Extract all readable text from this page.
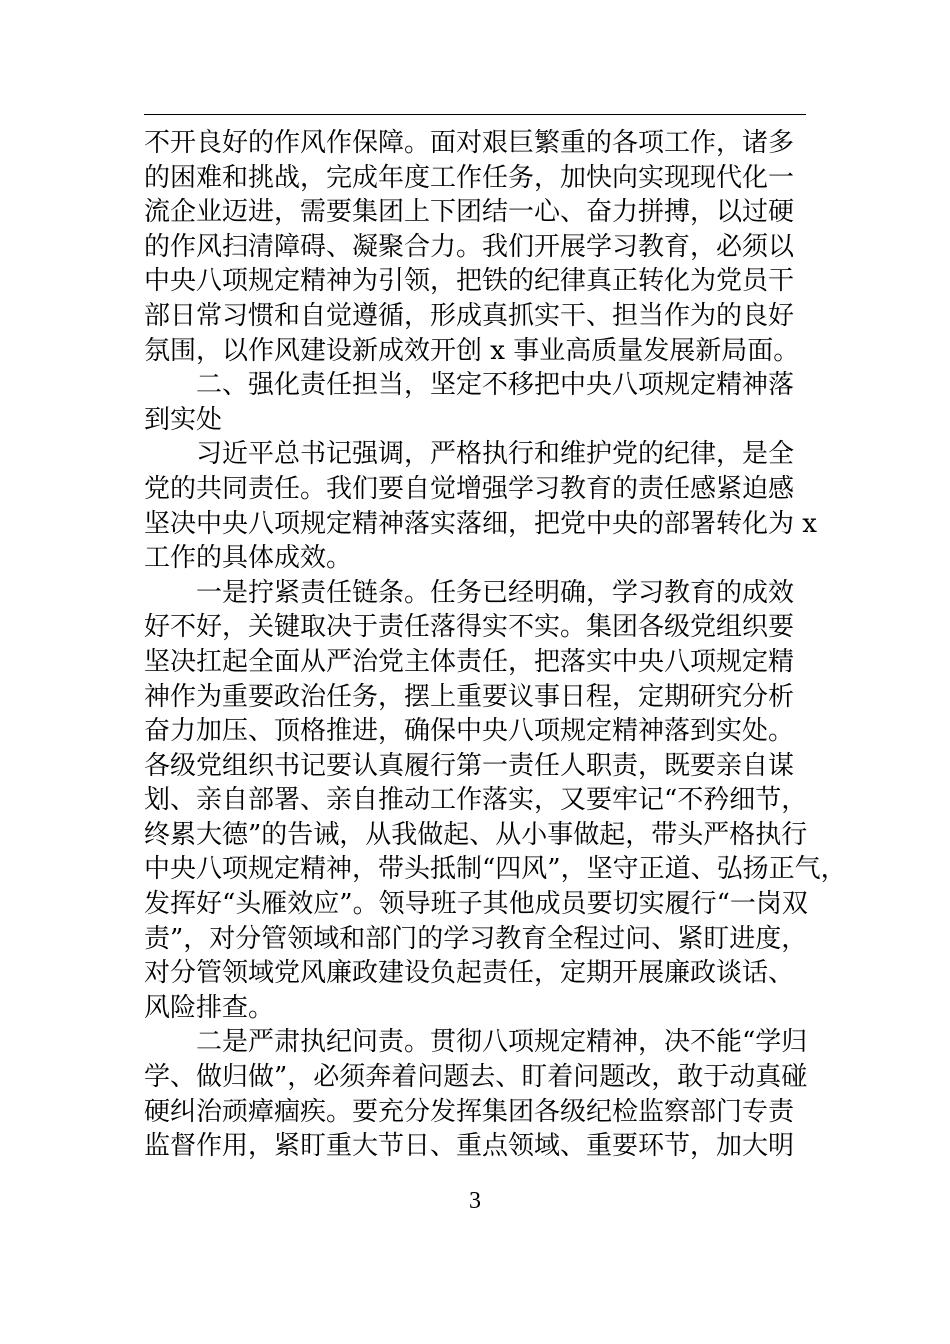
不开良好的作风作保障。面对艰巨繁重的各项工作，诸多
的困难和挑战，完成年度工作任务，加快向实现现代化一
流企业迈进，需要集团上下团结一心、奋力拼搏，以过硬
的作风扫清障碍、凝聚合力。我们开展学习教育，必须以
中央八项规定精神为引领，把铁的纪律真正转化为党员干
部日常习惯和自觉遵循，形成真抓实干、担当作为的良好
氛围，以作风建设新成效开创 x 事业高质量发展新局面。
二、强化责任担当，坚定不移把中央八项规定精神落
到实处
习近平总书记强调，严格执行和维护党的纪律，是全
党的共同责任。我们要自觉增强学习教育的责任感紧迫感
坚决中央八项规定精神落实落细，把党中央的部署转化为 x
工作的具体成效。
一是拧紧责任链条。任务已经明确，学习教育的成效
好不好，关键取决于责任落得实不实。集团各级党组织要
坚决扛起全面从严治党主体责任，把落实中央八项规定精
神作为重要政治任务，摆上重要议事日程，定期研究分析
奋力加压、顶格推进，确保中央八项规定精神落到实处。
各级党组织书记要认真履行第一责任人职责，既要亲自谋
划、亲自部署、亲自推动工作落实，又要牢记“不矜细节，
终累大德”的告诫，从我做起、从小事做起，带头严格执行
中央八项规定精神，带头抵制“四风”，坚守正道、弘扬正气，
发挥好“头雁效应”。领导班子其他成员要切实履行“一岗双
责”，对分管领域和部门的学习教育全程过问、紧盯进度，
对分管领域党风廉政建设负起责任，定期开展廉政谈话、
风险排查。
二是严肃执纪问责。贯彻八项规定精神，决不能“学归
学、做归做”，必须奔着问题去、盯着问题改，敢于动真碰
硬纠治顽瘴痼疾。要充分发挥集团各级纪检监察部门专责
监督作用，紧盯重大节日、重点领域、重要环节，加大明
3
